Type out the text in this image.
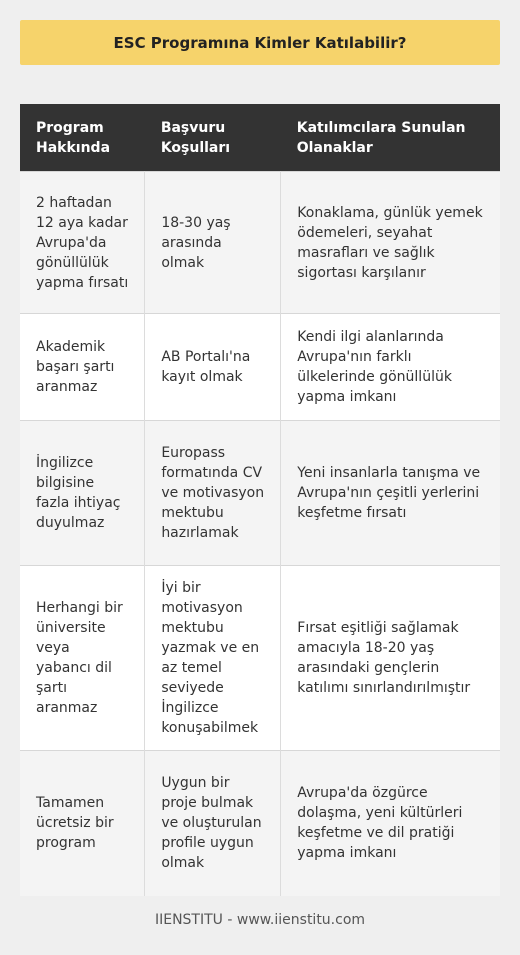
ESC Programına Kimler Katılabilir?
Program Hakkında	Başvuru Koşulları	Katılımcılara Sunulan Olanaklar
2 haftadan 12 aya kadar Avrupa'da gönüllülük yapma fırsatı	18-30 yaş arasında olmak	Konaklama, günlük yemek ödemeleri, seyahat masrafları ve sağlık sigortası karşılanır
Akademik başarı şartı aranmaz	AB Portalı'na kayıt olmak	Kendi ilgi alanlarında Avrupa'nın farklı ülkelerinde gönüllülük yapma imkanı
İngilizce bilgisine fazla ihtiyaç duyulmaz	Europass formatında CV ve motivasyon mektubu hazırlamak	Yeni insanlarla tanışma ve Avrupa'nın çeşitli yerlerini keşfetme fırsatı
Herhangi bir üniversite veya yabancı dil şartı aranmaz	İyi bir motivasyon mektubu yazmak ve en az temel seviyede İngilizce konuşabilmek	Fırsat eşitliği sağlamak amacıyla 18-20 yaş arasındaki gençlerin katılımı sınırlandırılmıştır
Tamamen ücretsiz bir program	Uygun bir proje bulmak ve oluşturulan profile uygun olmak	Avrupa'da özgürce dolaşma, yeni kültürleri keşfetme ve dil pratiği yapma imkanı
IIENSTITU - www.iienstitu.com
